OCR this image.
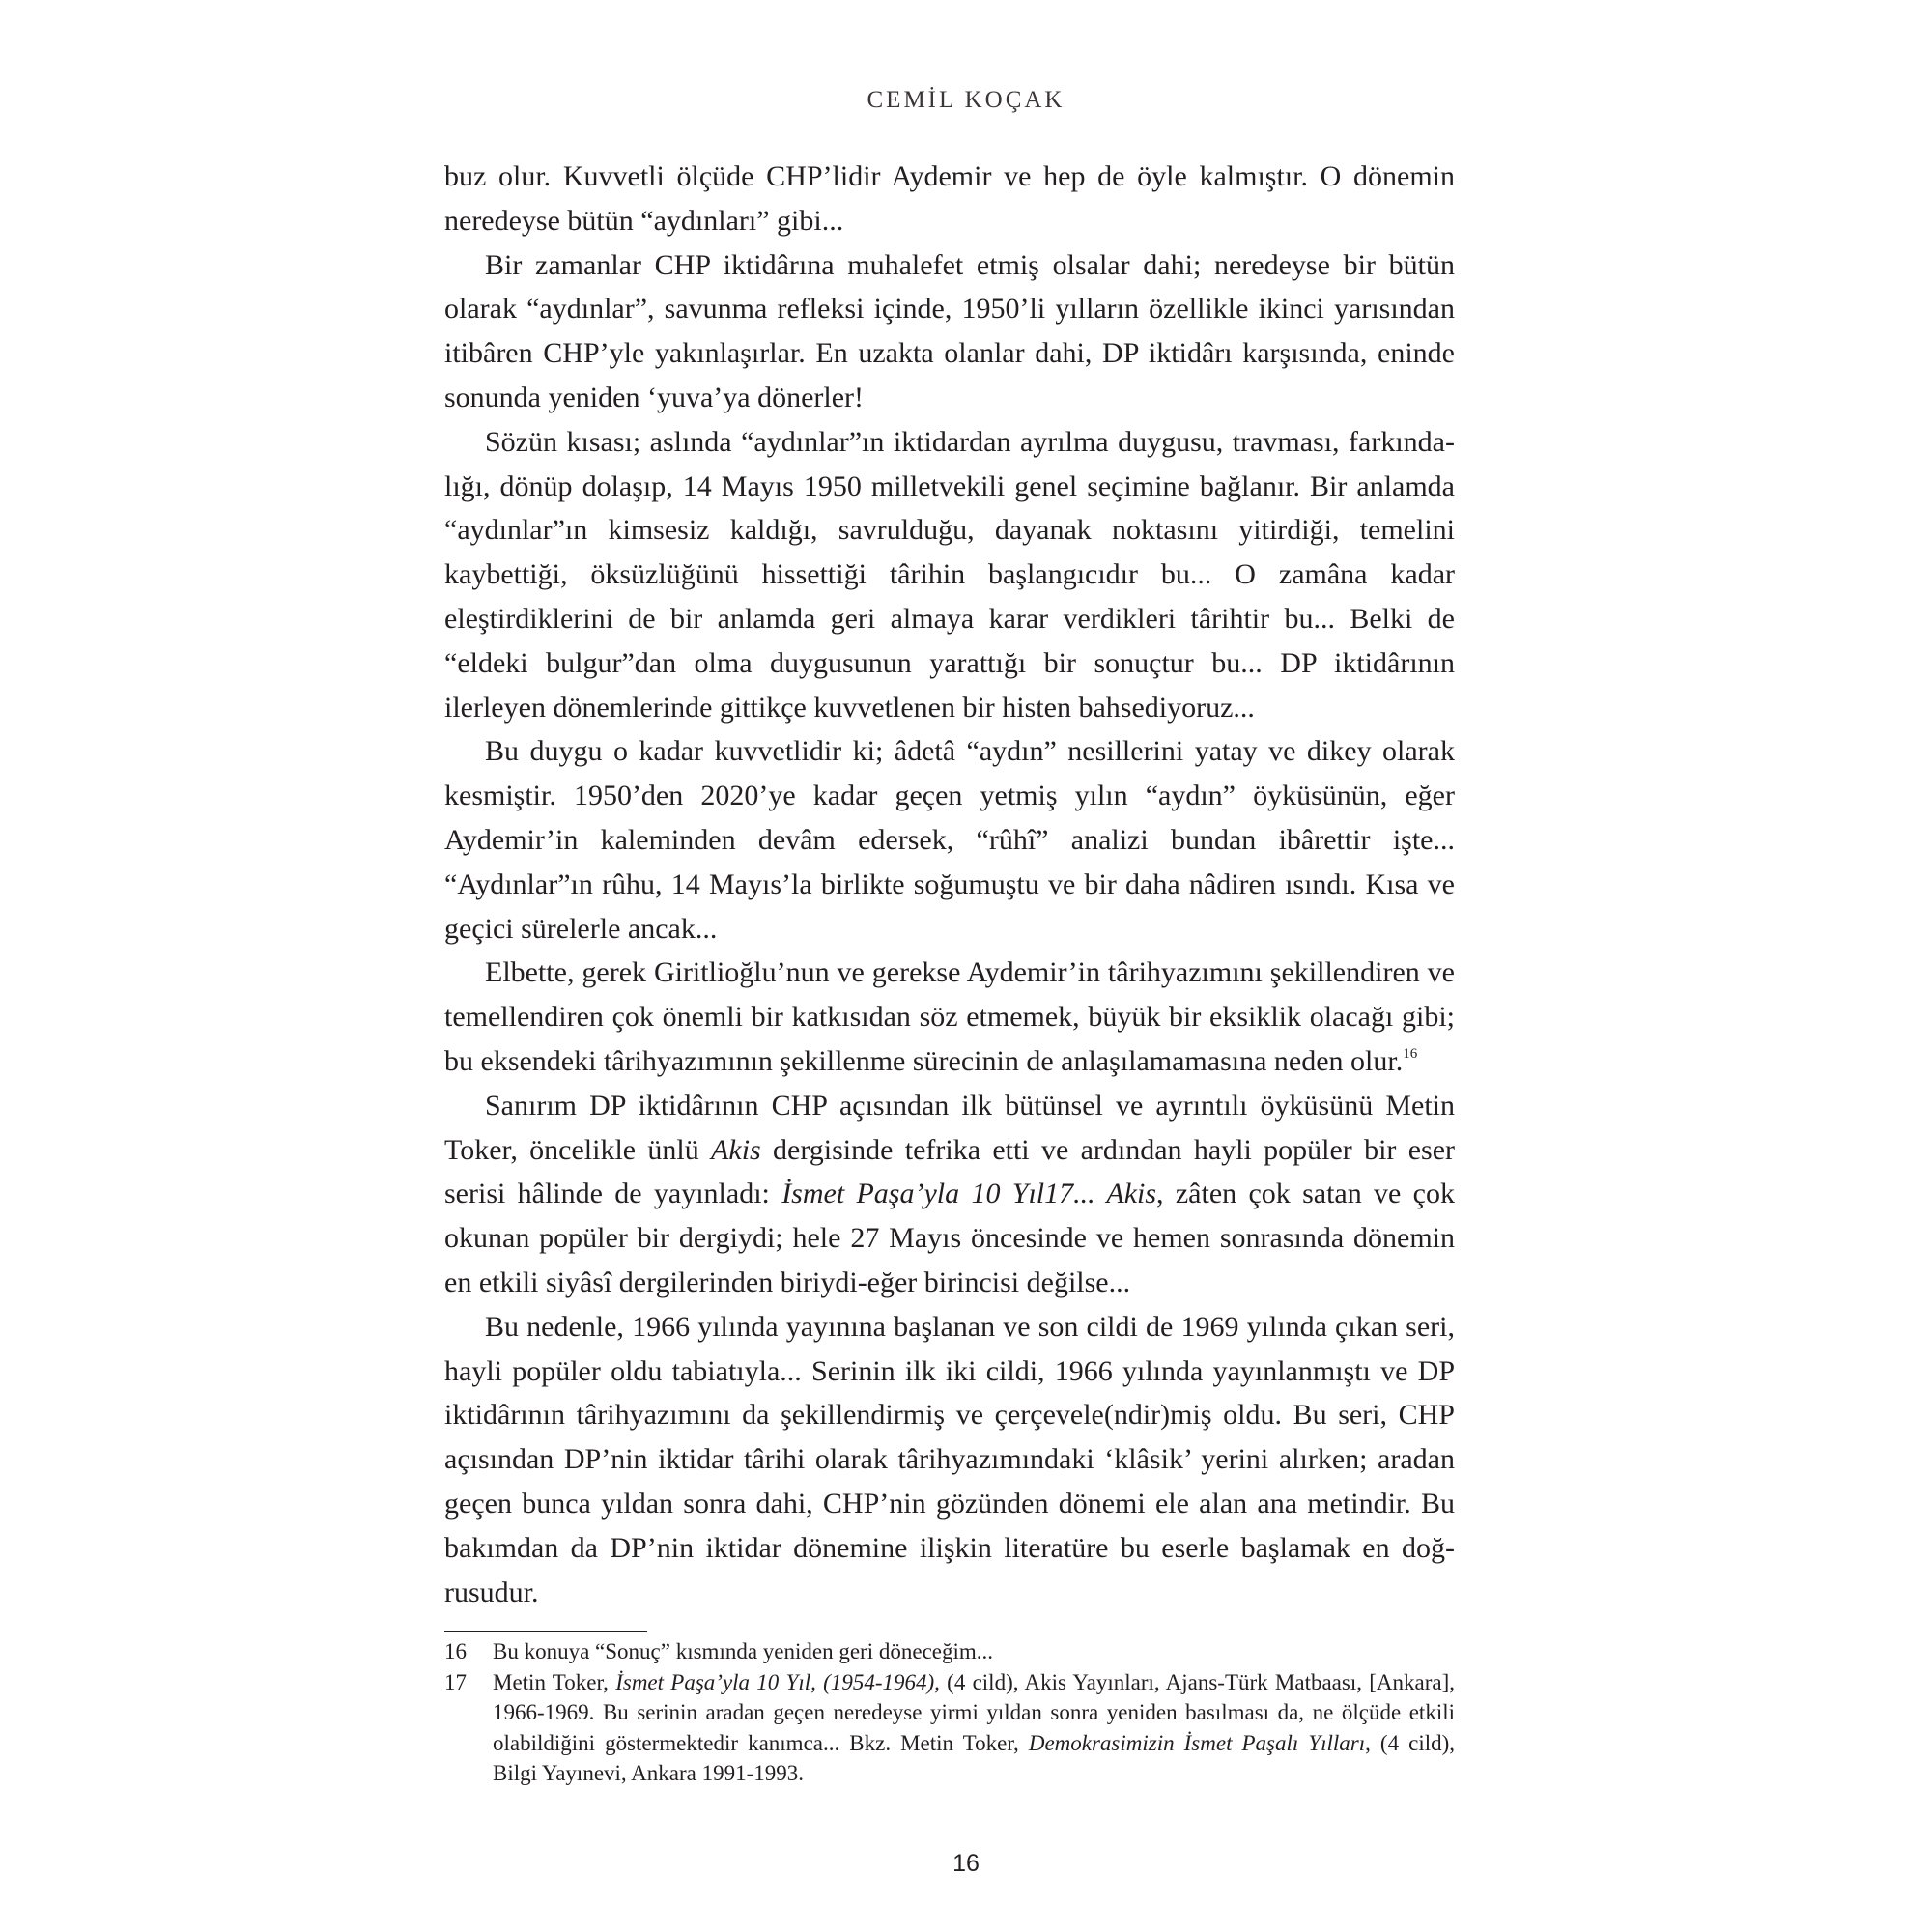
CEMİL KOÇAK

buz olur. Kuvvetli ölçüde CHP’lidir Aydemir ve hep de öyle kalmıştır. O dönemin neredeyse bütün “aydınları” gibi...

Bir zamanlar CHP iktidârına muhalefet etmiş olsalar dahi; neredeyse bir bütün olarak “aydınlar”, savunma refleksi içinde, 1950’li yılların özellikle ikinci yarısından itibâren CHP’yle yakınlaşırlar. En uzakta olanlar dahi, DP iktidârı karşısında, eninde sonunda yeniden ‘yuva’ya dönerler!

Sözün kısası; aslında “aydınlar”ın iktidardan ayrılma duygusu, travması, farkındalığı, dönüp dolaşıp, 14 Mayıs 1950 milletvekili genel seçimine bağlanır. Bir anlamda “aydınlar”ın kimsesiz kaldığı, savrulduğu, dayanak noktasını yitirdiği, temelini kaybettiği, öksüzlüğünü hissettiği târihin başlangıcıdır bu... O zamâna kadar eleştirdiklerini de bir anlamda geri almaya karar verdikleri târihtir bu... Belki de “eldeki bulgur”dan olma duygusunun yarattığı bir sonuçtur bu... DP iktidârının ilerleyen dönemlerinde gittikçe kuvvetlenen bir histen bahsediyoruz...

Bu duygu o kadar kuvvetlidir ki; âdetâ “aydın” nesillerini yatay ve dikey olarak kesmiştir. 1950’den 2020’ye kadar geçen yetmiş yılın “aydın” öyküsünün, eğer Aydemir’in kaleminden devâm edersek, “rûhî” analizi bundan ibârettir işte... “Aydınlar”ın rûhu, 14 Mayıs’la birlikte soğumuştu ve bir daha nâdiren ısındı. Kısa ve geçici sürelerle ancak...

Elbette, gerek Giritlioğlu’nun ve gerekse Aydemir’in târihyazımını şekillendiren ve temellendiren çok önemli bir katkısıdan söz etmemek, büyük bir eksiklik olacağı gibi; bu eksendeki târihyazımının şekillenme sürecinin de anlaşılamamasına neden olur.$^{16}$

Sanırım DP iktidârının CHP açısından ilk bütünsel ve ayrıntılı öyküsünü Metin Toker, öncelikle ünlü Akis dergisinde tefrika etti ve ardından hayli popüler bir eser serisi hâlinde de yayınladı: İsmet Paşa’yla 10 Yıl17... Akis, zâten çok satan ve çok okunan popüler bir dergiydi; hele 27 Mayıs öncesinde ve hemen sonrasında dönemin en etkili siyâsî dergilerinden biriydi-eğer birincisi değilse...

Bu nedenle, 1966 yılında yayınına başlanan ve son cildi de 1969 yılında çıkan seri, hayli popüler oldu tabiatıyla... Serinin ilk iki cildi, 1966 yılında yayınlanmıştı ve DP iktidârının târihyazımını da şekillendirmiş ve çerçevele(ndir)miş oldu. Bu seri, CHP açısından DP’nin iktidar târihi olarak târihyazımındaki ‘klâsik’ yerini alırken; aradan geçen bunca yıldan sonra dahi, CHP’nin gözünden dönemi ele alan ana metindir. Bu bakımdan da DP’nin iktidar dönemine ilişkin literatüre bu eserle başlamak en doğrusudur.

16	Bu konuya “Sonuç” kısmında yeniden geri döneceğim...
17	Metin Toker, İsmet Paşa’yla 10 Yıl, (1954-1964), (4 cild), Akis Yayınları, Ajans-Türk Matbaası, [Ankara], 1966-1969. Bu serinin aradan geçen neredeyse yirmi yıldan sonra yeniden basılması da, ne ölçüde etkili olabildiğini göstermektedir kanımca... Bkz. Metin Toker, Demokrasimizin İsmet Paşalı Yılları, (4 cild), Bilgi Yayınevi, Ankara 1991-1993.
16
